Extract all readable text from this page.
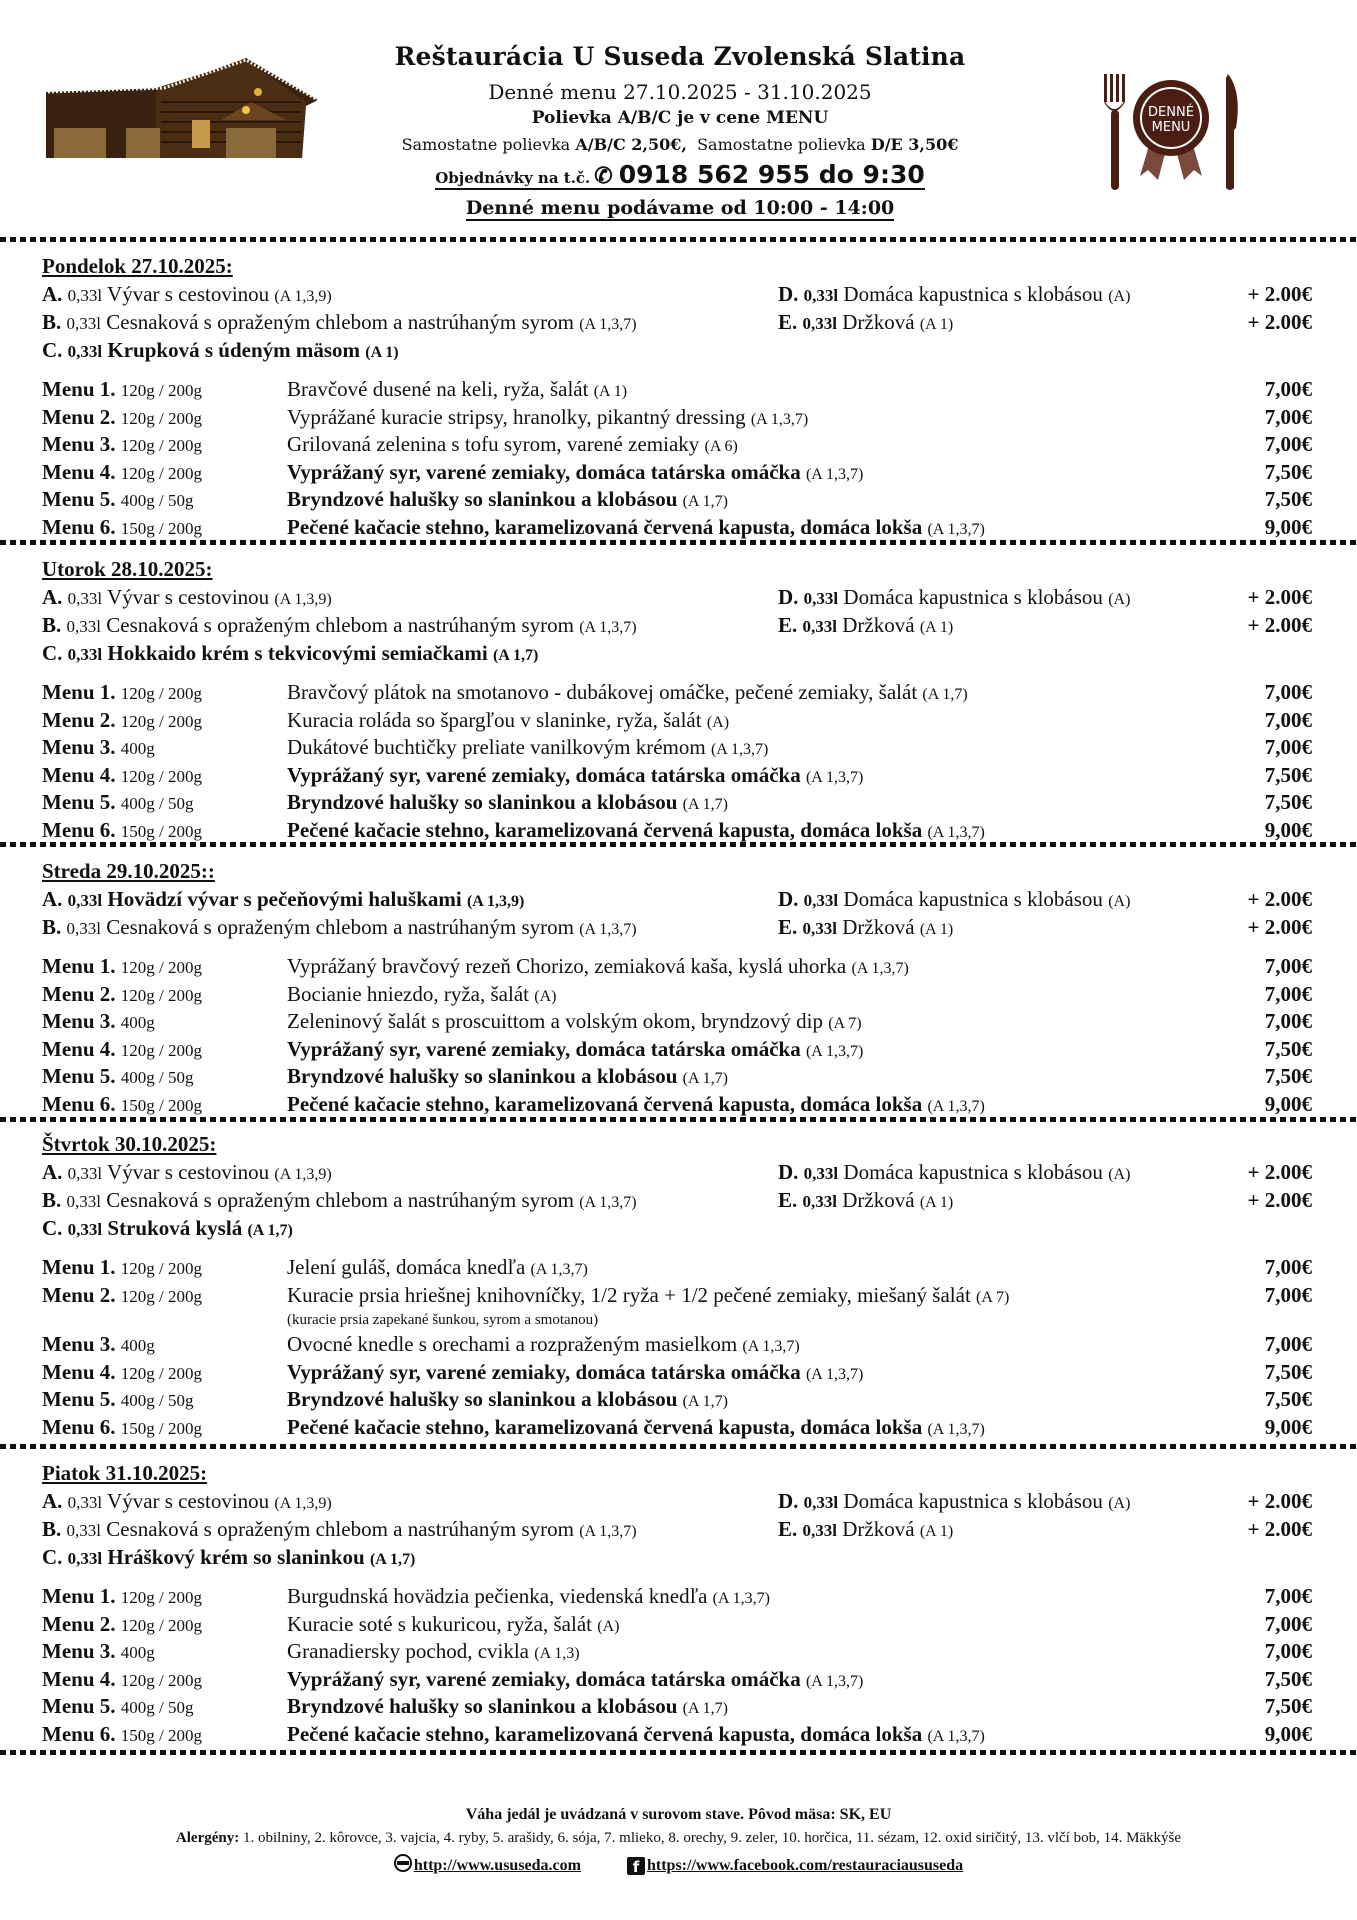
Reštaurácia U Suseda Zvolenská Slatina
Denné menu 27.10.2025 - 31.10.2025
Polievka A/B/C je v cene MENU
Samostatne polievka A/B/C 2,50€,  Samostatne polievka D/E 3,50€
Objednávky na t.č. ✆ 0918 562 955 do 9:30
Denné menu podávame od 10:00 - 14:00
DENNÉ
MENU
Pondelok 27.10.2025:
A. 0,33l Vývar s cestovinou (A 1,3,9)	D. 0,33l Domáca kapustnica s klobásou (A)	+ 2.00€
B. 0,33l Cesnaková s opraženým chlebom a nastrúhaným syrom (A 1,3,7)	E. 0,33l Držková (A 1)	+ 2.00€
C. 0,33l Krupková s údeným mäsom (A 1)
Menu 1. 120g / 200g	Bravčové dusené na keli, ryža, šalát (A 1)	7,00€
Menu 2. 120g / 200g	Vyprážané kuracie stripsy, hranolky, pikantný dressing (A 1,3,7)	7,00€
Menu 3. 120g / 200g	Grilovaná zelenina s tofu syrom, varené zemiaky (A 6)	7,00€
Menu 4. 120g / 200g	Vyprážaný syr, varené zemiaky, domáca tatárska omáčka (A 1,3,7)	7,50€
Menu 5. 400g / 50g	Bryndzové halušky so slaninkou a klobásou (A 1,7)	7,50€
Menu 6. 150g / 200g	Pečené kačacie stehno, karamelizovaná červená kapusta, domáca lokša (A 1,3,7)	9,00€
Utorok 28.10.2025:
A. 0,33l Vývar s cestovinou (A 1,3,9)	D. 0,33l Domáca kapustnica s klobásou (A)	+ 2.00€
B. 0,33l Cesnaková s opraženým chlebom a nastrúhaným syrom (A 1,3,7)	E. 0,33l Držková (A 1)	+ 2.00€
C. 0,33l Hokkaido krém s tekvicovými semiačkami (A 1,7)
Menu 1. 120g / 200g	Bravčový plátok na smotanovo - dubákovej omáčke, pečené zemiaky, šalát (A 1,7)	7,00€
Menu 2. 120g / 200g	Kuracia roláda so špargľou v slaninke, ryža, šalát (A)	7,00€
Menu 3. 400g	Dukátové buchtičky preliate vanilkovým krémom (A 1,3,7)	7,00€
Menu 4. 120g / 200g	Vyprážaný syr, varené zemiaky, domáca tatárska omáčka (A 1,3,7)	7,50€
Menu 5. 400g / 50g	Bryndzové halušky so slaninkou a klobásou (A 1,7)	7,50€
Menu 6. 150g / 200g	Pečené kačacie stehno, karamelizovaná červená kapusta, domáca lokša (A 1,3,7)	9,00€
Streda 29.10.2025::
A. 0,33l Hovädzí vývar s pečeňovými haluškami (A 1,3,9)	D. 0,33l Domáca kapustnica s klobásou (A)	+ 2.00€
B. 0,33l Cesnaková s opraženým chlebom a nastrúhaným syrom (A 1,3,7)	E. 0,33l Držková (A 1)	+ 2.00€
Menu 1. 120g / 200g	Vyprážaný bravčový rezeň Chorizo, zemiaková kaša, kyslá uhorka (A 1,3,7)	7,00€
Menu 2. 120g / 200g	Bocianie hniezdo, ryža, šalát (A)	7,00€
Menu 3. 400g	Zeleninový šalát s proscuittom a volským okom, bryndzový dip (A 7)	7,00€
Menu 4. 120g / 200g	Vyprážaný syr, varené zemiaky, domáca tatárska omáčka (A 1,3,7)	7,50€
Menu 5. 400g / 50g	Bryndzové halušky so slaninkou a klobásou (A 1,7)	7,50€
Menu 6. 150g / 200g	Pečené kačacie stehno, karamelizovaná červená kapusta, domáca lokša (A 1,3,7)	9,00€
Štvrtok 30.10.2025:
A. 0,33l Vývar s cestovinou (A 1,3,9)	D. 0,33l Domáca kapustnica s klobásou (A)	+ 2.00€
B. 0,33l Cesnaková s opraženým chlebom a nastrúhaným syrom (A 1,3,7)	E. 0,33l Držková (A 1)	+ 2.00€
C. 0,33l Struková kyslá (A 1,7)
Menu 1. 120g / 200g	Jelení guláš, domáca knedľa (A 1,3,7)	7,00€
Menu 2. 120g / 200g	Kuracie prsia hriešnej knihovníčky, 1/2 ryža + 1/2 pečené zemiaky, miešaný šalát (A 7)	7,00€
(kuracie prsia zapekané šunkou, syrom a smotanou)
Menu 3. 400g	Ovocné knedle s orechami a rozpraženým masielkom (A 1,3,7)	7,00€
Menu 4. 120g / 200g	Vyprážaný syr, varené zemiaky, domáca tatárska omáčka (A 1,3,7)	7,50€
Menu 5. 400g / 50g	Bryndzové halušky so slaninkou a klobásou (A 1,7)	7,50€
Menu 6. 150g / 200g	Pečené kačacie stehno, karamelizovaná červená kapusta, domáca lokša (A 1,3,7)	9,00€
Piatok 31.10.2025:
A. 0,33l Vývar s cestovinou (A 1,3,9)	D. 0,33l Domáca kapustnica s klobásou (A)	+ 2.00€
B. 0,33l Cesnaková s opraženým chlebom a nastrúhaným syrom (A 1,3,7)	E. 0,33l Držková (A 1)	+ 2.00€
C. 0,33l Hráškový krém so slaninkou (A 1,7)
Menu 1. 120g / 200g	Burgudnská hovädzia pečienka, viedenská knedľa (A 1,3,7)	7,00€
Menu 2. 120g / 200g	Kuracie soté s kukuricou, ryža, šalát (A)	7,00€
Menu 3. 400g	Granadiersky pochod, cvikla (A 1,3)	7,00€
Menu 4. 120g / 200g	Vyprážaný syr, varené zemiaky, domáca tatárska omáčka (A 1,3,7)	7,50€
Menu 5. 400g / 50g	Bryndzové halušky so slaninkou a klobásou (A 1,7)	7,50€
Menu 6. 150g / 200g	Pečené kačacie stehno, karamelizovaná červená kapusta, domáca lokša (A 1,3,7)	9,00€
Váha jedál je uvádzaná v surovom stave. Pôvod mäsa: SK, EU
Alergény: 1. obilniny, 2. kôrovce, 3. vajcia, 4. ryby, 5. arašidy, 6. sója, 7. mlieko, 8. orechy, 9. zeler, 10. horčica, 11. sézam, 12. oxid siričitý, 13. vlčí bob, 14. Mäkkýše
http://www.ususeda.com	f https://www.facebook.com/restauraciaususeda
